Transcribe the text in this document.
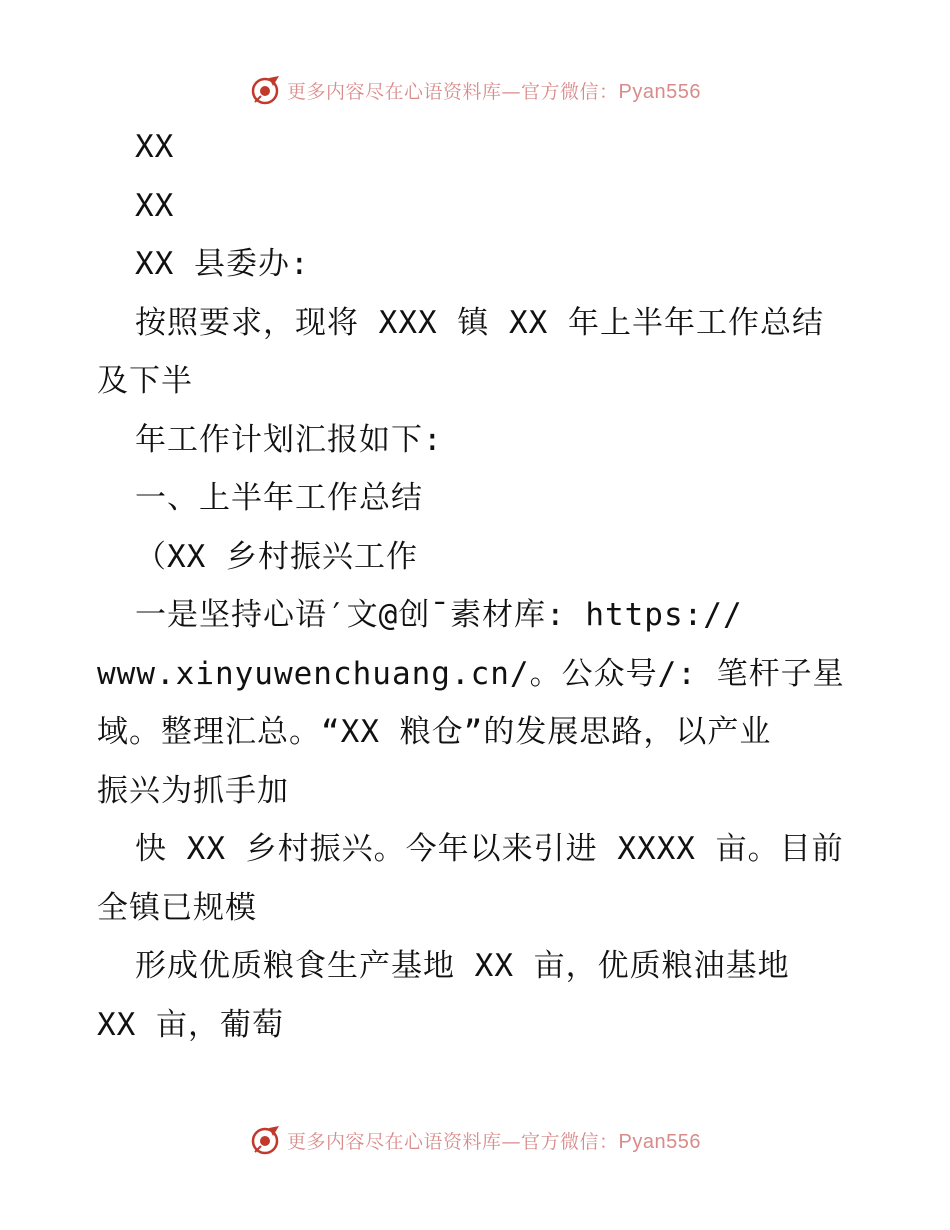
更多内容尽在心语资料库—官方微信：Pyan556
XX
XX
XX 县委办:
按照要求，现将 XXX 镇 XX 年上半年工作总结
及下半
年工作计划汇报如下:
一、上半年工作总结
（XX 乡村振兴工作
一是坚持心语′文@创¯素材库: https://
www.xinyuwenchuang.cn/。公众号/: 笔杆子星
域。整理汇总。“XX 粮仓”的发展思路，以产业
振兴为抓手加
快 XX 乡村振兴。今年以来引进 XXXX 亩。目前
全镇已规模
形成优质粮食生产基地 XX 亩，优质粮油基地
XX 亩，葡萄
更多内容尽在心语资料库—官方微信：Pyan556
